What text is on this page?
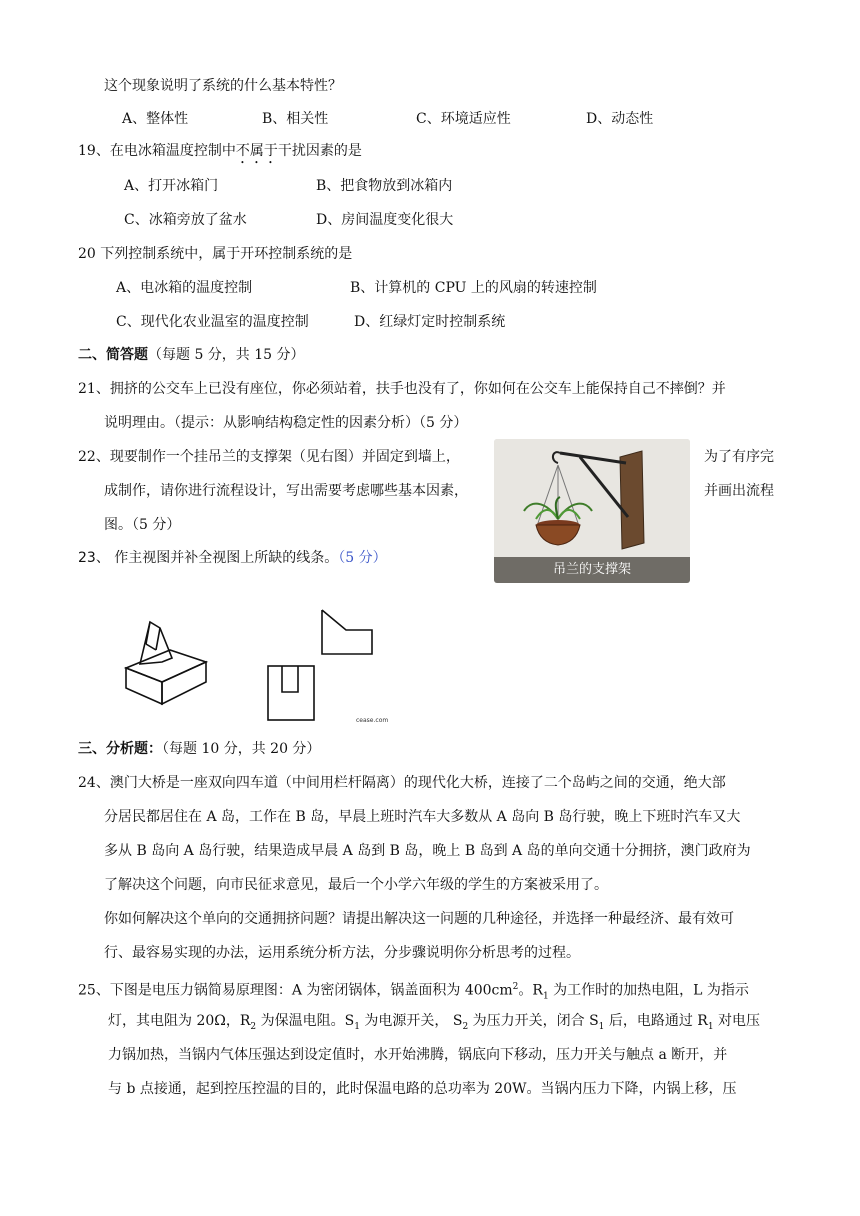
这个现象说明了系统的什么基本特性？
A、整体性	B、相关性	C、环境适应性	D、动态性
19、在电冰箱温度控制中不属于干扰因素的是
A、打开冰箱门	B、把食物放到冰箱内
C、冰箱旁放了盆水	D、房间温度变化很大
20 下列控制系统中，属于开环控制系统的是
A、电冰箱的温度控制	B、计算机的 CPU 上的风扇的转速控制
C、现代化农业温室的温度控制	D、红绿灯定时控制系统
二、简答题（每题 5 分，共 15 分）
21、拥挤的公交车上已没有座位，你必须站着，扶手也没有了，你如何在公交车上能保持自己不摔倒？并
说明理由。（提示：从影响结构稳定性的因素分析）（5 分）
22、现要制作一个挂吊兰的支撑架（见右图）并固定到墙上，	为了有序完
成制作，请你进行流程设计，写出需要考虑哪些基本因素，	并画出流程
图。（5 分）
吊兰的支撑架
23、 作主视图并补全视图上所缺的线条。（5 分）
cease.com
三、分析题：（每题 10 分，共 20 分）
24、澳门大桥是一座双向四车道（中间用栏杆隔离）的现代化大桥，连接了二个岛屿之间的交通，绝大部
分居民都居住在 A 岛，工作在 B 岛，早晨上班时汽车大多数从 A 岛向 B 岛行驶，晚上下班时汽车又大
多从 B 岛向 A 岛行驶，结果造成早晨 A 岛到 B 岛，晚上 B 岛到 A 岛的单向交通十分拥挤，澳门政府为
了解决这个问题，向市民征求意见，最后一个小学六年级的学生的方案被采用了。
你如何解决这个单向的交通拥挤问题？请提出解决这一问题的几种途径，并选择一种最经济、最有效可
行、最容易实现的办法，运用系统分析方法，分步骤说明你分析思考的过程。
25、下图是电压力锅简易原理图：A 为密闭锅体，锅盖面积为 $400cm^2$。$R_1$ 为工作时的加热电阻，L 为指示
灯，其电阻为 20Ω，$R_2$ 为保温电阻。$S_1$ 为电源开关， $S_2$ 为压力开关，闭合 $S_1$ 后，电路通过 $R_1$ 对电压
力锅加热，当锅内气体压强达到设定值时，水开始沸腾，锅底向下移动，压力开关与触点 a 断开，并
与 b 点接通，起到控压控温的目的，此时保温电路的总功率为 20W。当锅内压力下降，内锅上移，压
